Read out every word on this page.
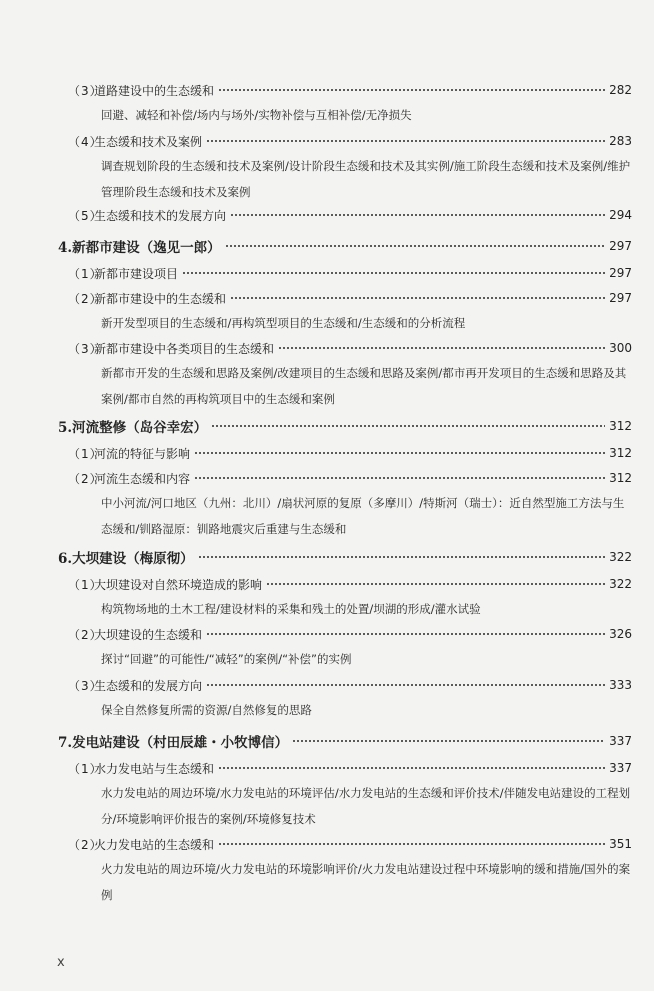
（3）
道路建设中的生态缓和	282
回避、减轻和补偿/场内与场外/实物补偿与互相补偿/无净损失
（4）
生态缓和技术及案例	283
调查规划阶段的生态缓和技术及案例/设计阶段生态缓和技术及其实例/施工阶段生态缓和技术及案例/维护管理阶段生态缓和技术及案例
（5）
生态缓和技术的发展方向	294
4.新都市建设（逸见一郎）	297
（1）
新都市建设项目	297
（2）
新都市建设中的生态缓和	297
新开发型项目的生态缓和/再构筑型项目的生态缓和/生态缓和的分析流程
（3）
新都市建设中各类项目的生态缓和	300
新都市开发的生态缓和思路及案例/改建项目的生态缓和思路及案例/都市再开发项目的生态缓和思路及其案例/都市自然的再构筑项目中的生态缓和案例
5.河流整修（岛谷幸宏）	312
（1）
河流的特征与影响	312
（2）
河流生态缓和内容	312
中小河流/河口地区（九州：北川）/扇状河原的复原（多摩川）/特斯河（瑞士）：近自然型施工方法与生态缓和/钏路湿原：钏路地震灾后重建与生态缓和
6.大坝建设（梅原彻）	322
（1）
大坝建设对自然环境造成的影响	322
构筑物场地的土木工程/建设材料的采集和残土的处置/坝湖的形成/灌水试验
（2）
大坝建设的生态缓和	326
探讨“回避”的可能性/“减轻”的案例/“补偿”的实例
（3）
生态缓和的发展方向	333
保全自然修复所需的资源/自然修复的思路
7.发电站建设（村田辰雄・小牧博信）	337
（1）
水力发电站与生态缓和	337
水力发电站的周边环境/水力发电站的环境评估/水力发电站的生态缓和评价技术/伴随发电站建设的工程划分/环境影响评价报告的案例/环境修复技术
（2）
火力发电站的生态缓和	351
火力发电站的周边环境/火力发电站的环境影响评价/火力发电站建设过程中环境影响的缓和措施/国外的案例
x
